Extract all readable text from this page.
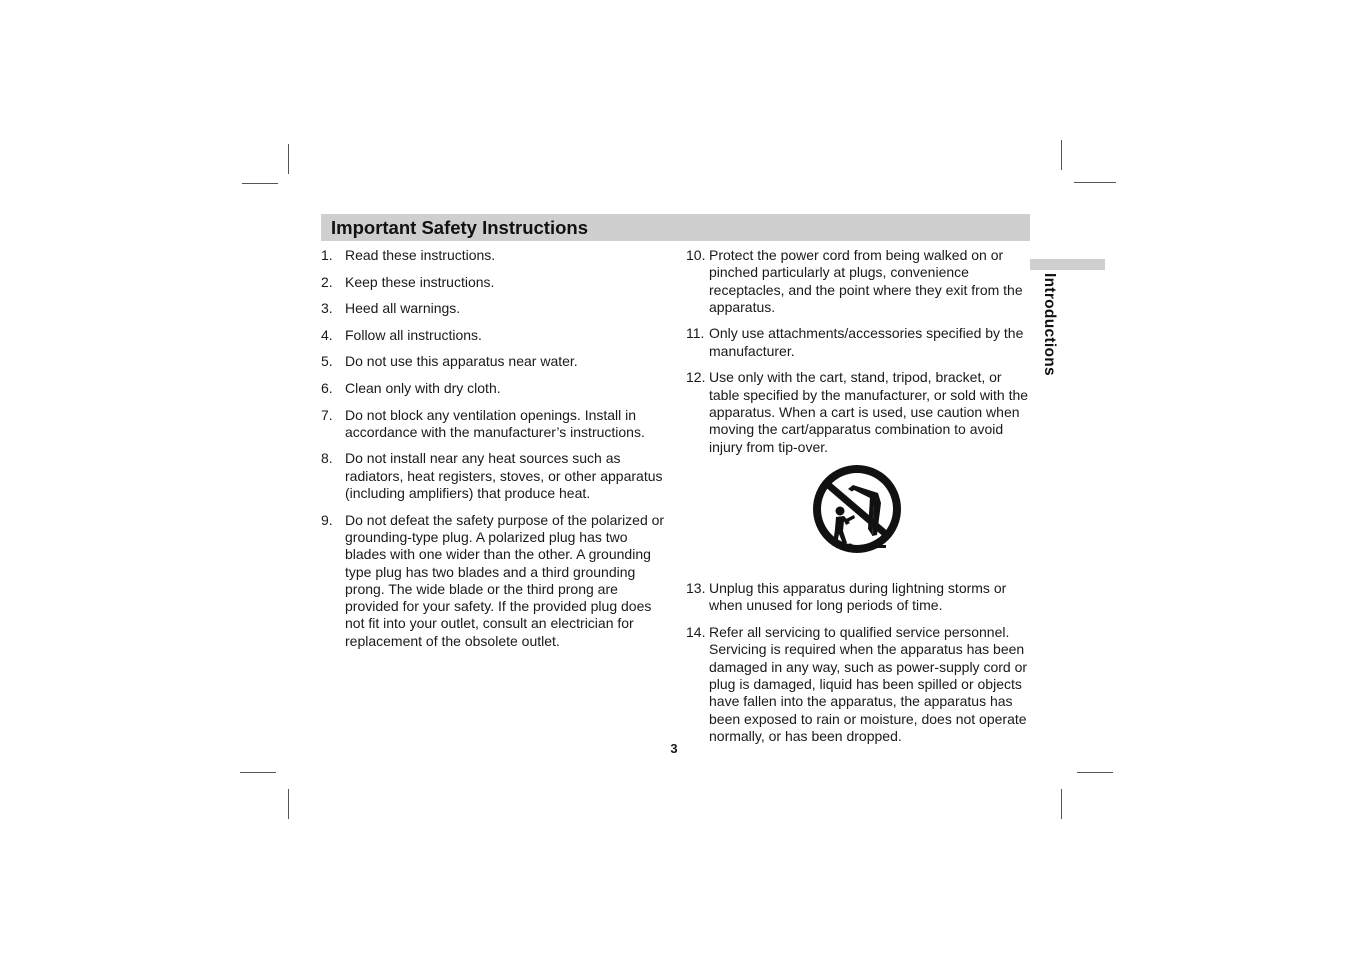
Important Safety Instructions
Introductions
1. Read these instructions.
2. Keep these instructions.
3. Heed all warnings.
4. Follow all instructions.
5. Do not use this apparatus near water.
6. Clean only with dry cloth.
7. Do not block any ventilation openings. Install in accordance with the manufacturer’s instructions.
8. Do not install near any heat sources such as radiators, heat registers, stoves, or other apparatus (including amplifiers) that produce heat.
9. Do not defeat the safety purpose of the polarized or grounding-type plug. A polarized plug has two blades with one wider than the other. A grounding type plug has two blades and a third grounding prong. The wide blade or the third prong are provided for your safety. If the provided plug does not fit into your outlet, consult an electrician for replacement of the obsolete outlet.
10. Protect the power cord from being walked on or pinched particularly at plugs, convenience receptacles, and the point where they exit from the apparatus.
11. Only use attachments/accessories specified by the manufacturer.
12. Use only with the cart, stand, tripod, bracket, or table specified by the manufacturer, or sold with the apparatus. When a cart is used, use caution when moving the cart/apparatus combination to avoid injury from tip-over.
13. Unplug this apparatus during lightning storms or when unused for long periods of time.
14. Refer all servicing to qualified service personnel. Servicing is required when the apparatus has been damaged in any way, such as power-supply cord or plug is damaged, liquid has been spilled or objects have fallen into the apparatus, the apparatus has been exposed to rain or moisture, does not operate normally, or has been dropped.
3
